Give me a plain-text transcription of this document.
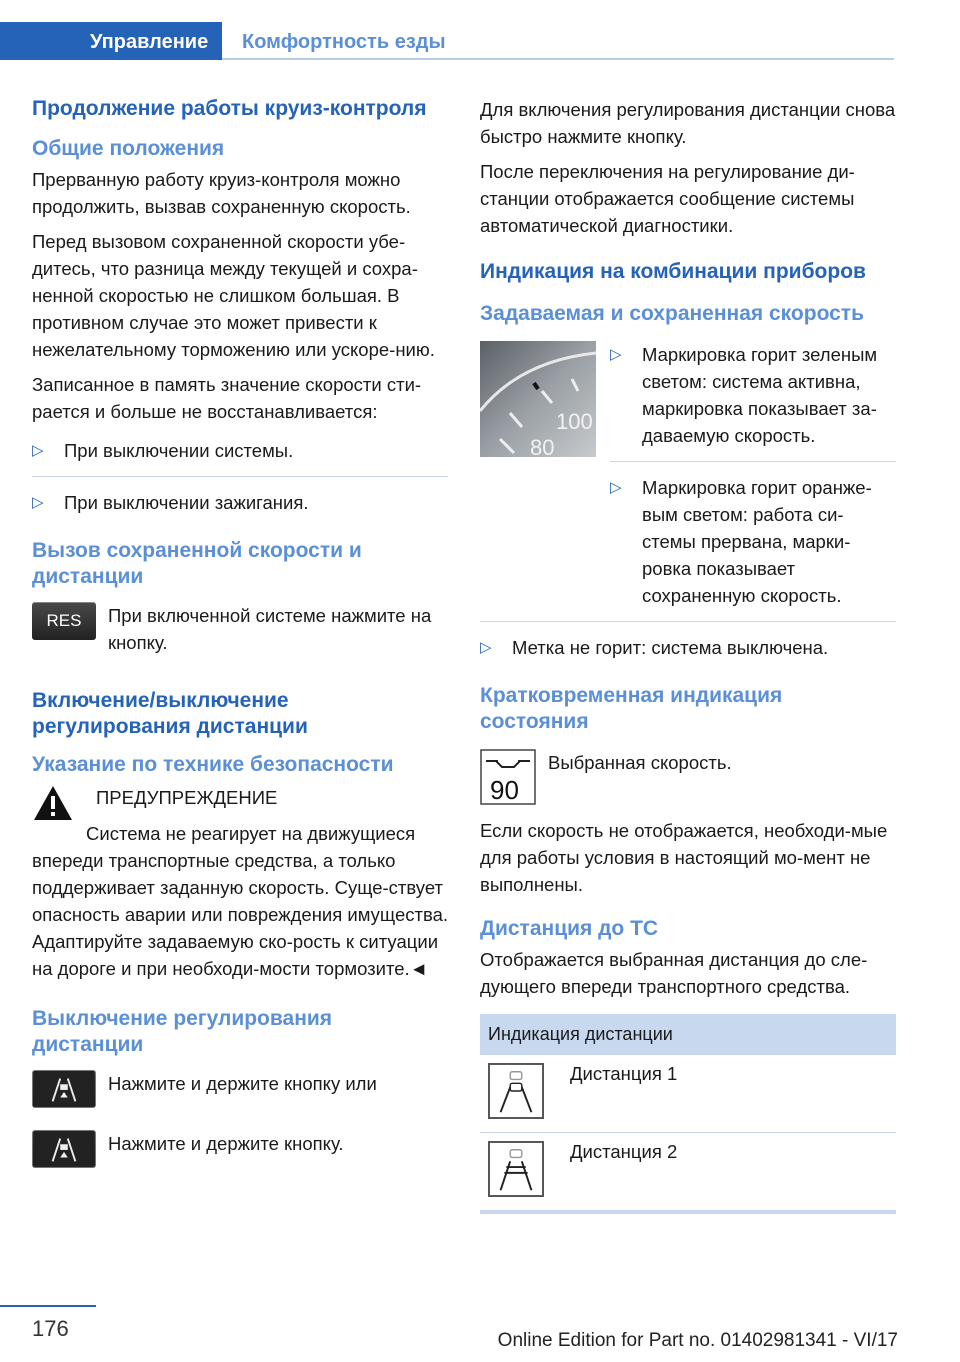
Управление	Комфортность езды
Продолжение работы круиз-контроля
Общие положения

Прерванную работу круиз-контроля можно продолжить, вызвав сохраненную скорость.

Перед вызовом сохраненной скорости убе-дитесь, что разница между текущей и сохра-ненной скоростью не слишком большая. В противном случае это может привести к нежелательному торможению или ускоре-нию.

Записанное в память значение скорости сти-рается и больше не восстанавливается:

▷ При выключении системы.
▷ При выключении зажигания.
Вызов сохраненной скорости и дистанции
RES	При включенной системе нажмите на кнопку.

Включение/выключение регулирования дистанции
Указание по технике безопасности

ПРЕДУПРЕЖДЕНИЕ

Система не реагирует на движущиеся впереди транспортные средства, а только поддерживает заданную скорость. Суще-ствует опасность аварии или повреждения имущества. Адаптируйте задаваемую ско-рость к ситуации на дороге и при необходи-мости тормозите.◄

Выключение регулирования дистанции

Нажмите и держите кнопку или

Нажмите и держите кнопку.

Для включения регулирования дистанции снова быстро нажмите кнопку.

После переключения на регулирование ди-станции отображается сообщение системы автоматической диагностики.

Индикация на комбинации приборов
Задаваемая и сохраненная скорость
100
80
▷ Маркировка горит зеленым светом: система активна, маркировка показывает за-даваемую скорость.
▷ Маркировка горит оранже-вым светом: работа си-стемы прервана, марки-ровка показывает сохраненную скорость.
▷ Метка не горит: система выключена.
Кратковременная индикация состояния
90

Выбранная скорость.

Если скорость не отображается, необходи-мые для работы условия в настоящий мо-мент не выполнены.

Дистанция до ТС

Отображается выбранная дистанция до сле-дующего впереди транспортного средства.

Индикация дистанции	
	Дистанция 1
	Дистанция 2
176	Online Edition for Part no. 01402981341 - VI/17
